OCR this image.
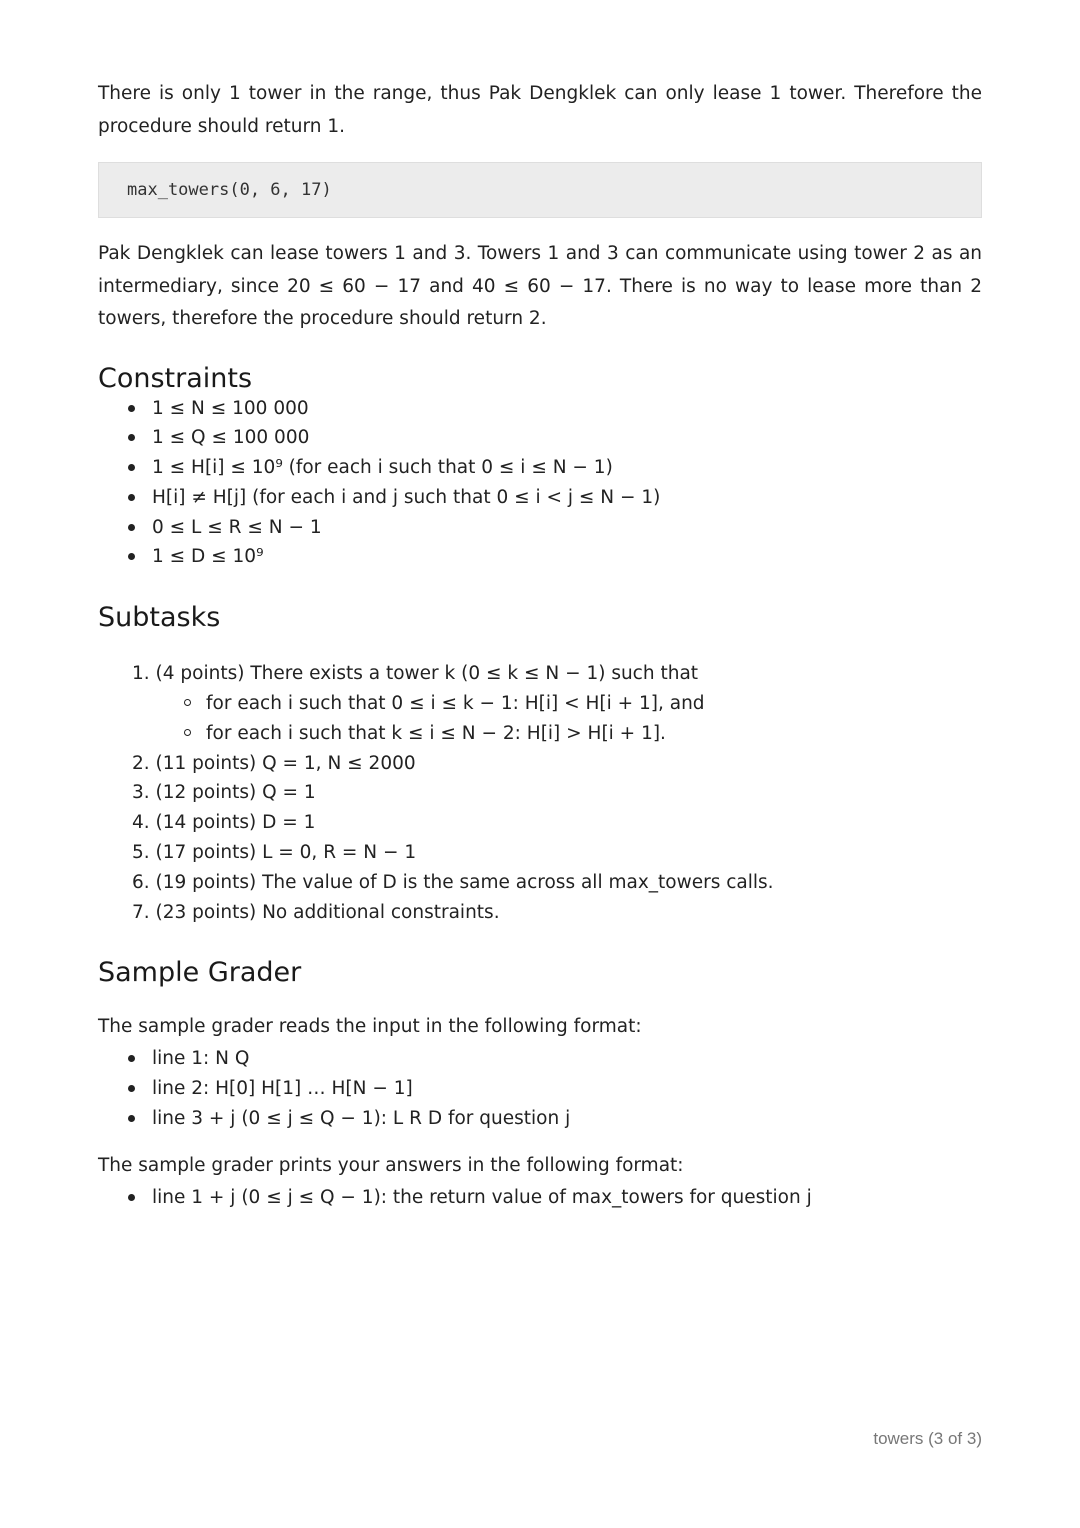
There is only 1 tower in the range, thus Pak Dengklek can only lease 1 tower. Therefore the procedure should return 1.

max_towers(0, 6, 17)

Pak Dengklek can lease towers 1 and 3. Towers 1 and 3 can communicate using tower 2 as an intermediary, since 20 ≤ 60 − 17 and 40 ≤ 60 − 17. There is no way to lease more than 2 towers, therefore the procedure should return 2.

Constraints
1 ≤ N ≤ 100 000
1 ≤ Q ≤ 100 000
1 ≤ H[i] ≤ 10⁹ (for each i such that 0 ≤ i ≤ N − 1)
H[i] ≠ H[j] (for each i and j such that 0 ≤ i < j ≤ N − 1)
0 ≤ L ≤ R ≤ N − 1
1 ≤ D ≤ 10⁹
Subtasks
1. (4 points) There exists a tower k (0 ≤ k ≤ N − 1) such that
for each i such that 0 ≤ i ≤ k − 1: H[i] < H[i + 1], and
for each i such that k ≤ i ≤ N − 2: H[i] > H[i + 1].
2. (11 points) Q = 1, N ≤ 2000
3. (12 points) Q = 1
4. (14 points) D = 1
5. (17 points) L = 0, R = N − 1
6. (19 points) The value of D is the same across all max_towers calls.
7. (23 points) No additional constraints.
Sample Grader

The sample grader reads the input in the following format:

line 1: N Q
line 2: H[0] H[1] … H[N − 1]
line 3 + j (0 ≤ j ≤ Q − 1): L R D for question j

The sample grader prints your answers in the following format:

line 1 + j (0 ≤ j ≤ Q − 1): the return value of max_towers for question j
towers (3 of 3)
